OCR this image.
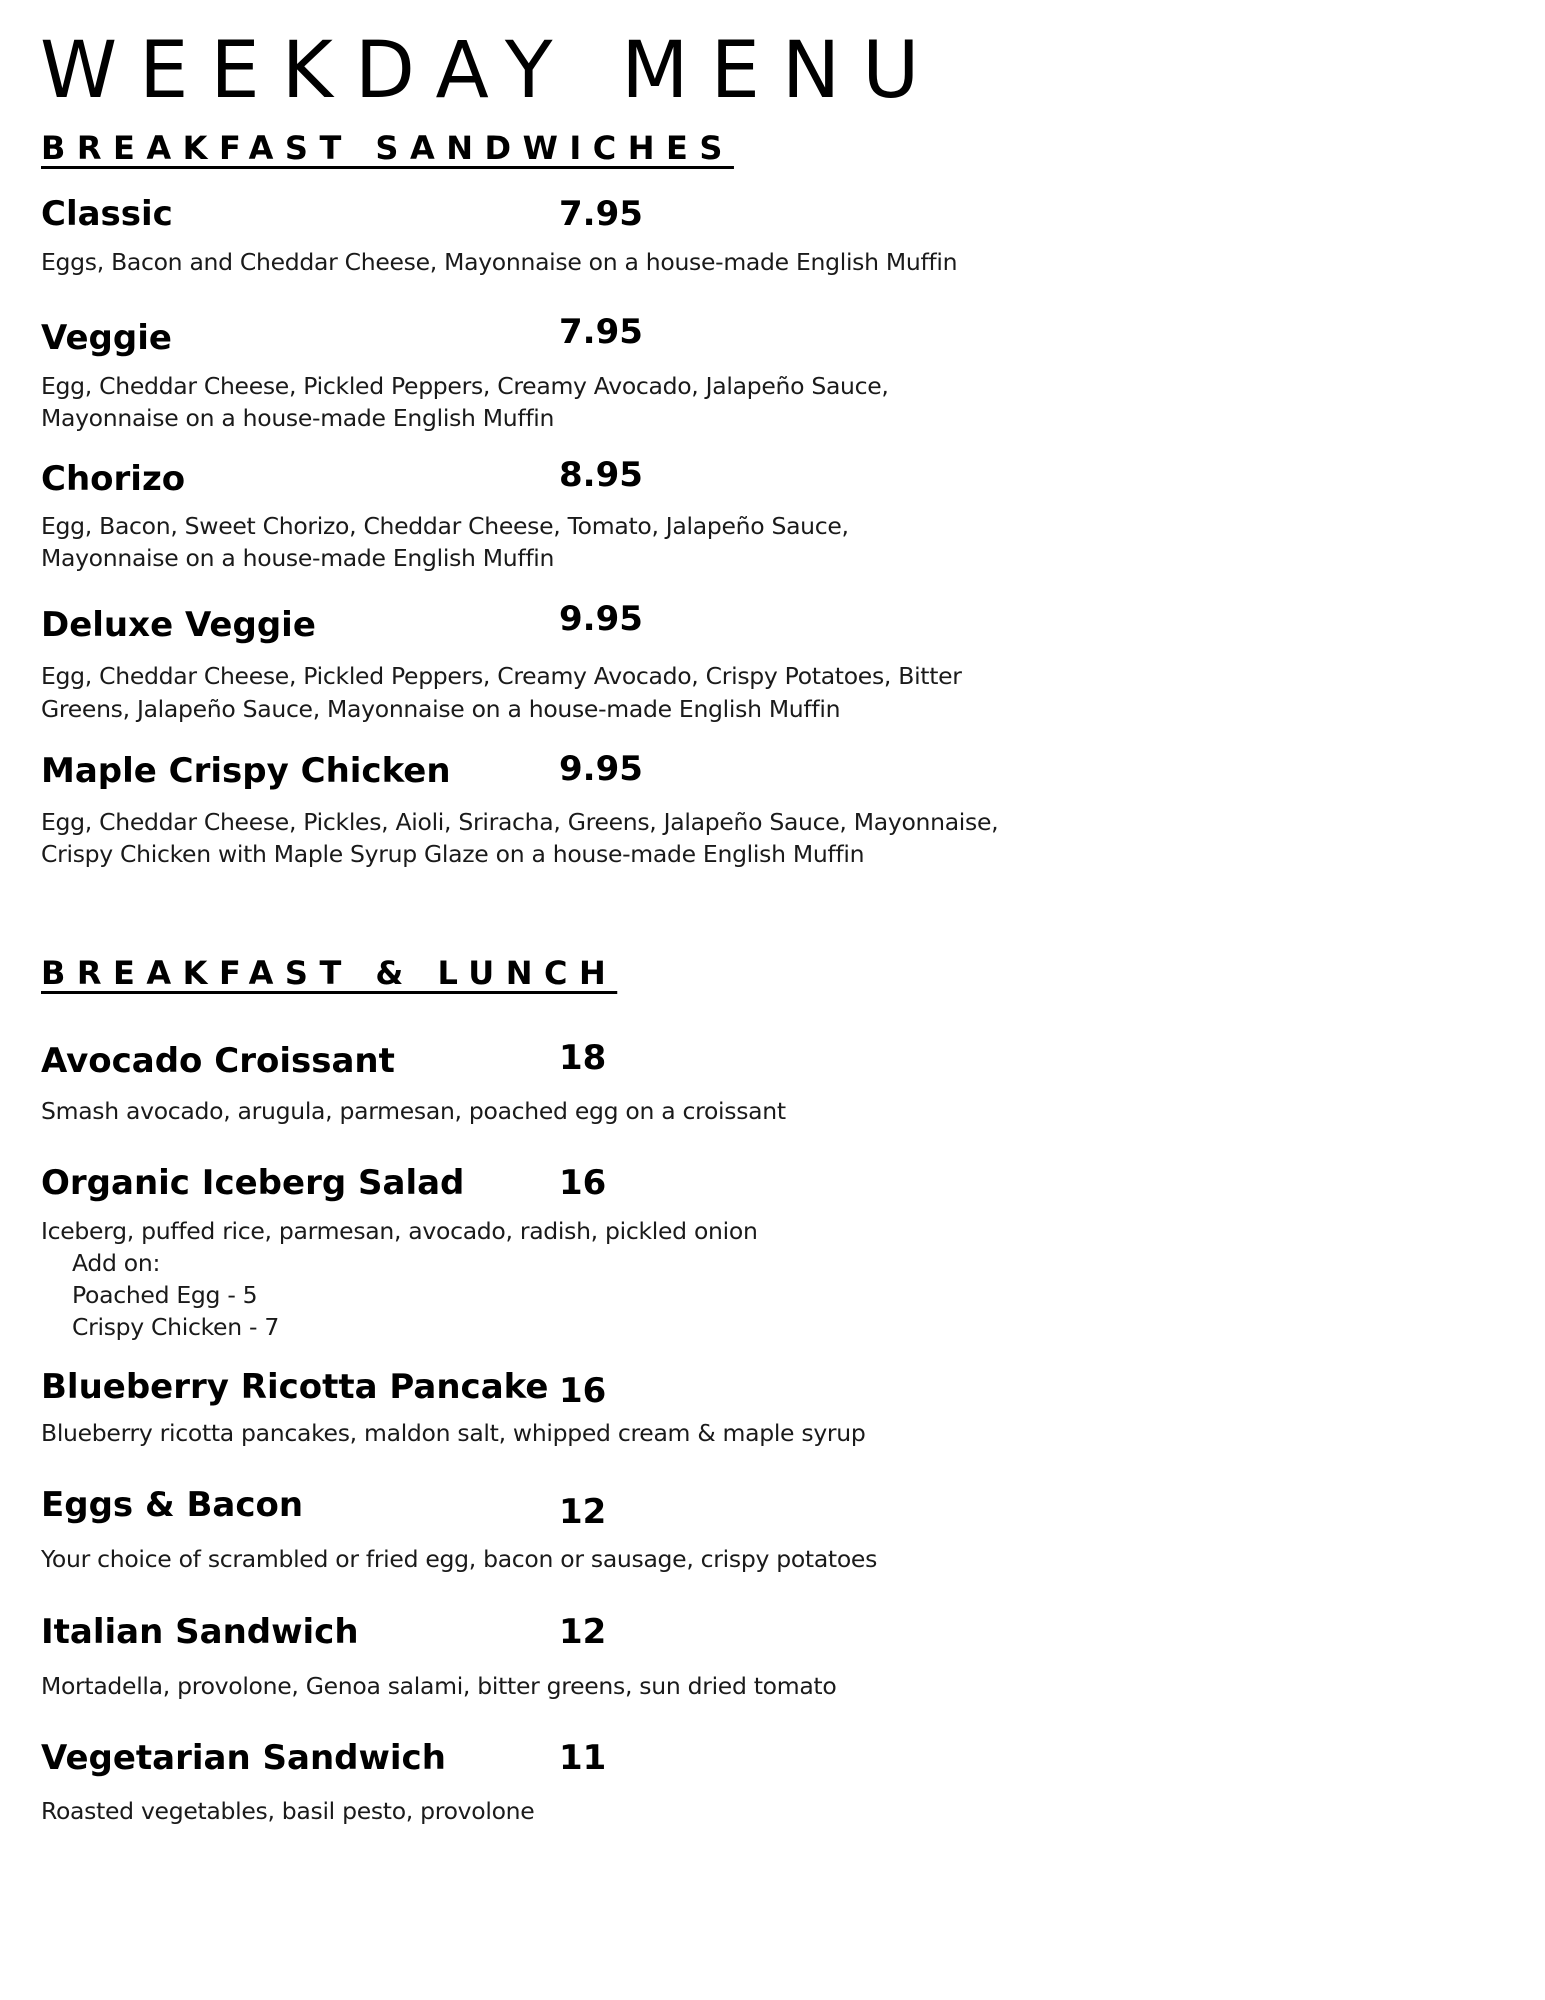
WEEKDAY MENU
BREAKFAST SANDWICHES
Classic	7.95
Eggs, Bacon and Cheddar Cheese, Mayonnaise on a house-made English Muffin
Veggie	7.95
Egg, Cheddar Cheese, Pickled Peppers, Creamy Avocado, Jalapeño Sauce,
Mayonnaise on a house-made English Muffin
Chorizo	8.95
Egg, Bacon, Sweet Chorizo, Cheddar Cheese, Tomato, Jalapeño Sauce,
Mayonnaise on a house-made English Muffin
Deluxe Veggie	9.95
Egg, Cheddar Cheese, Pickled Peppers, Creamy Avocado, Crispy Potatoes, Bitter
Greens, Jalapeño Sauce, Mayonnaise on a house-made English Muffin
Maple Crispy Chicken	9.95
Egg, Cheddar Cheese, Pickles, Aioli, Sriracha, Greens, Jalapeño Sauce, Mayonnaise,
Crispy Chicken with Maple Syrup Glaze on a house-made English Muffin
BREAKFAST & LUNCH
Avocado Croissant	18
Smash avocado, arugula, parmesan, poached egg on a croissant
Organic Iceberg Salad	16
Iceberg, puffed rice, parmesan, avocado, radish, pickled onion
Add on:
Poached Egg - 5
Crispy Chicken - 7
Blueberry Ricotta Pancake 16
Blueberry ricotta pancakes, maldon salt, whipped cream & maple syrup
Eggs & Bacon	12
Your choice of scrambled or fried egg, bacon or sausage, crispy potatoes
Italian Sandwich	12
Mortadella, provolone, Genoa salami, bitter greens, sun dried tomato
Vegetarian Sandwich	11
Roasted vegetables, basil pesto, provolone
